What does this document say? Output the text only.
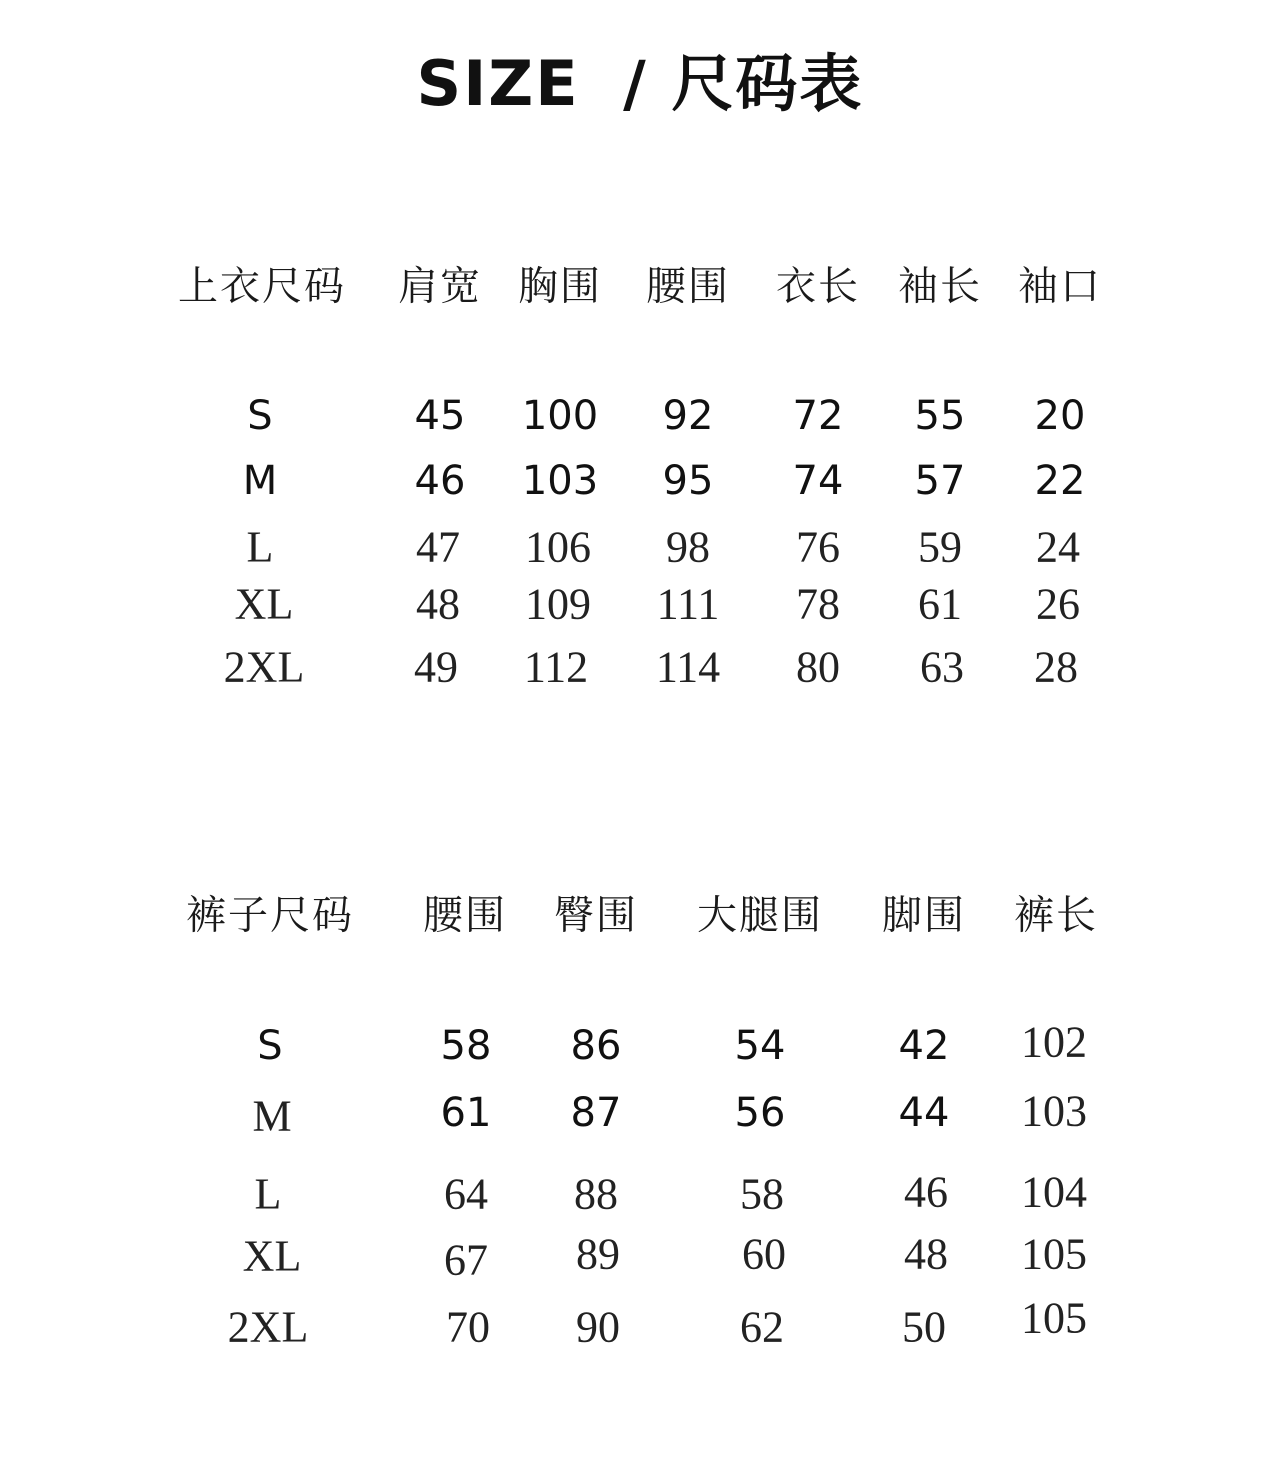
SIZE / 尺码表
上衣尺码 肩宽 胸围 腰围 衣长 袖长 袖口
S	45 100 92 72 55 20
M	46 103 95 74 57 22
L	47 106 98 76 59 24
XL	48 109 111 78 61 26
2XL 49 112 114 80 63 28
裤子尺码 腰围 臀围 大腿围 脚围 裤长
S	58 86	54	42 102
M	61 87	56	44 103
L	64 88	58	46 104
XL	67 89	60	48 105
2XL	70 90	62	50 105
